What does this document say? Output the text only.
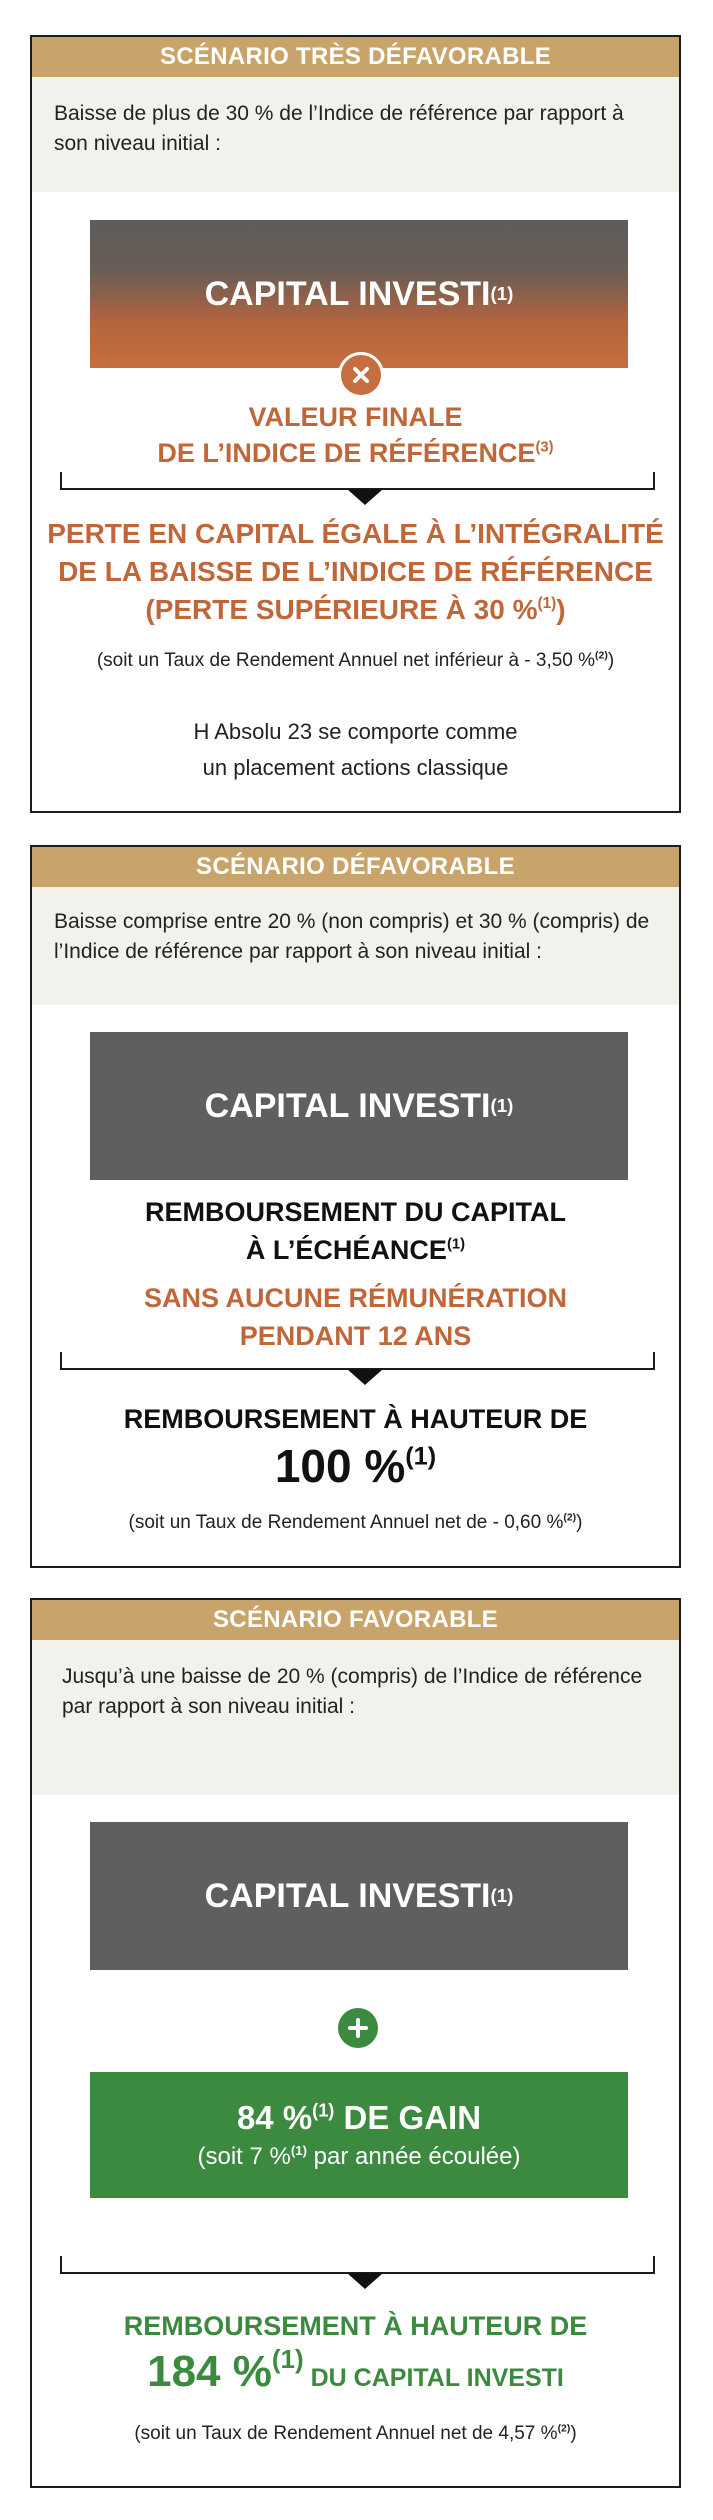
SCÉNARIO TRÈS DÉFAVORABLE
Baisse de plus de 30 % de l’Indice de référence par rapport à son niveau initial :
CAPITAL INVESTI (1)
VALEUR FINALE
DE L’INDICE DE RÉFÉRENCE$^{(3)}$
PERTE EN CAPITAL ÉGALE À L’INTÉGRALITÉ
DE LA BAISSE DE L’INDICE DE RÉFÉRENCE
(PERTE SUPÉRIEURE À 30 %$^{(1)}$)
(soit un Taux de Rendement Annuel net inférieur à - 3,50 %$^{(2)}$)
H Absolu 23 se comporte comme
un placement actions classique
SCÉNARIO DÉFAVORABLE
Baisse comprise entre 20 % (non compris) et 30 % (compris) de l’Indice de référence par rapport à son niveau initial :
CAPITAL INVESTI (1)
REMBOURSEMENT DU CAPITAL
À L’ÉCHÉANCE$^{(1)}$
SANS AUCUNE RÉMUNÉRATION
PENDANT 12 ANS
REMBOURSEMENT À HAUTEUR DE
100 %$^{(1)}$
(soit un Taux de Rendement Annuel net de - 0,60 %$^{(2)}$)
SCÉNARIO FAVORABLE
Jusqu’à une baisse de 20 % (compris) de l’Indice de référence par rapport à son niveau initial :
CAPITAL INVESTI (1)
84 %$^{(1)}$ DE GAIN
(soit 7 %$^{(1)}$ par année écoulée)
REMBOURSEMENT À HAUTEUR DE
184 %$^{(1)}$ DU CAPITAL INVESTI
(soit un Taux de Rendement Annuel net de 4,57 %$^{(2)}$)
